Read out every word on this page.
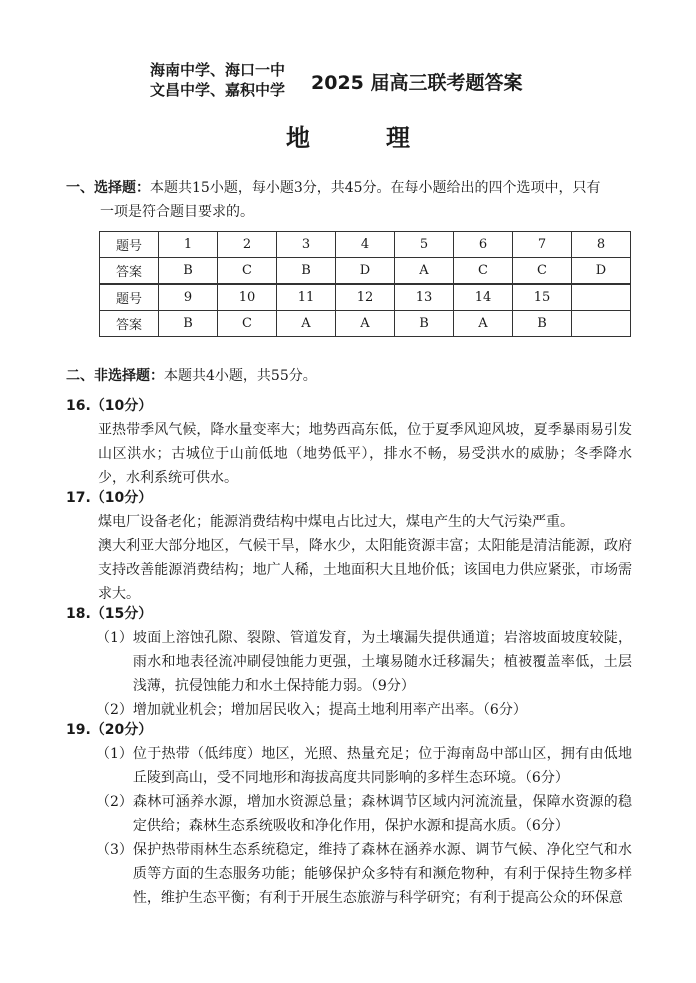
海南中学、海口一中
文昌中学、嘉积中学 2025 届高三联考题答案
地　理
一、选择题：本题共15小题，每小题3分，共45分。在每小题给出的四个选项中，只有
一项是符合题目要求的。
题号	1	2	3	4	5	6	7	8
答案	B	C	B	D	A	C	C	D
题号	9	10	11	12	13	14	15	
答案	B	C	A	A	B	A	B	
二、非选择题：本题共4小题，共55分。
16.（10分）
亚热带季风气候，降水量变率大；地势西高东低，位于夏季风迎风坡，夏季暴雨易引发山区洪水；古城位于山前低地（地势低平），排水不畅，易受洪水的威胁；冬季降水少，水利系统可供水。
17.（10分）
煤电厂设备老化；能源消费结构中煤电占比过大，煤电产生的大气污染严重。
澳大利亚大部分地区，气候干旱，降水少，太阳能资源丰富；太阳能是清洁能源，政府支持改善能源消费结构；地广人稀，土地面积大且地价低；该国电力供应紧张，市场需求大。
18.（15分）
（1） 坡面上溶蚀孔隙、裂隙、管道发育，为土壤漏失提供通道；岩溶坡面坡度较陡，雨水和地表径流冲刷侵蚀能力更强，土壤易随水迁移漏失；植被覆盖率低，土层浅薄，抗侵蚀能力和水土保持能力弱。（9分）
（2） 增加就业机会；增加居民收入；提高土地利用率产出率。（6分）
19.（20分）
（1） 位于热带（低纬度）地区，光照、热量充足；位于海南岛中部山区，拥有由低地丘陵到高山，受不同地形和海拔高度共同影响的多样生态环境。（6分）
（2） 森林可涵养水源，增加水资源总量；森林调节区域内河流流量，保障水资源的稳定供给；森林生态系统吸收和净化作用，保护水源和提高水质。（6分）
（3） 保护热带雨林生态系统稳定，维持了森林在涵养水源、调节气候、净化空气和水质等方面的生态服务功能；能够保护众多特有和濒危物种，有利于保持生物多样性，维护生态平衡；有利于开展生态旅游与科学研究；有利于提高公众的环保意
